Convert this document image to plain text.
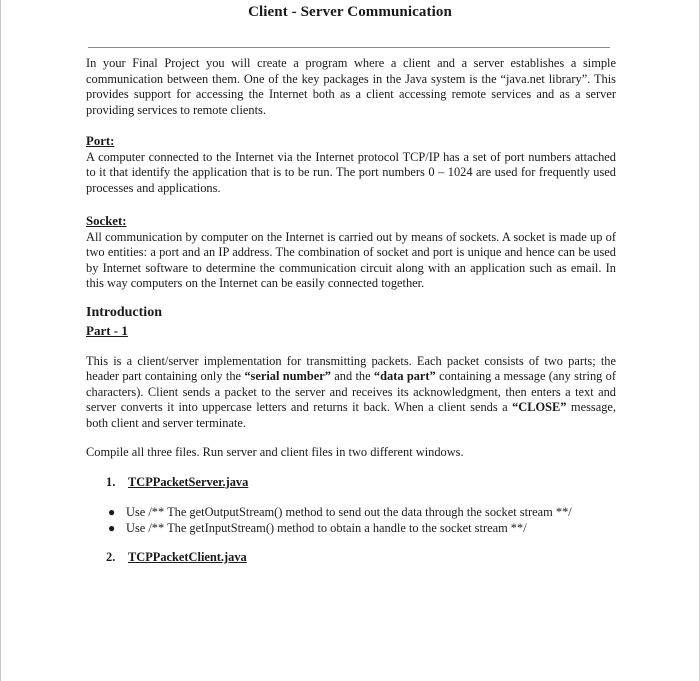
Client - Server Communication

In your Final Project you will create a program where a client and a server establishes a simple communication between them. One of the key packages in the Java system is the “java.net library”. This provides support for accessing the Internet both as a client accessing remote services and as a server providing services to remote clients.

Port:

A computer connected to the Internet via the Internet protocol TCP/IP has a set of port numbers attached to it that identify the application that is to be run. The port numbers 0 – 1024 are used for frequently used processes and applications.

Socket:

All communication by computer on the Internet is carried out by means of sockets. A socket is made up of two entities: a port and an IP address. The combination of socket and port is unique and hence can be used by Internet software to determine the communication circuit along with an application such as email. In this way computers on the Internet can be easily connected together.

Introduction
Part - 1

This is a client/server implementation for transmitting packets. Each packet consists of two parts; the header part containing only the “serial number” and the “data part” containing a message (any string of characters). Client sends a packet to the server and receives its acknowledgment, then enters a text and server converts it into uppercase letters and returns it back. When a client sends a “CLOSE” message, both client and server terminate.

Compile all three files. Run server and client files in two different windows.

1.	TCPPacketServer.java
● Use /** The getOutputStream() method to send out the data through the socket stream **/
● Use /** The getInputStream() method to obtain a handle to the socket stream **/
2.	TCPPacketClient.java
